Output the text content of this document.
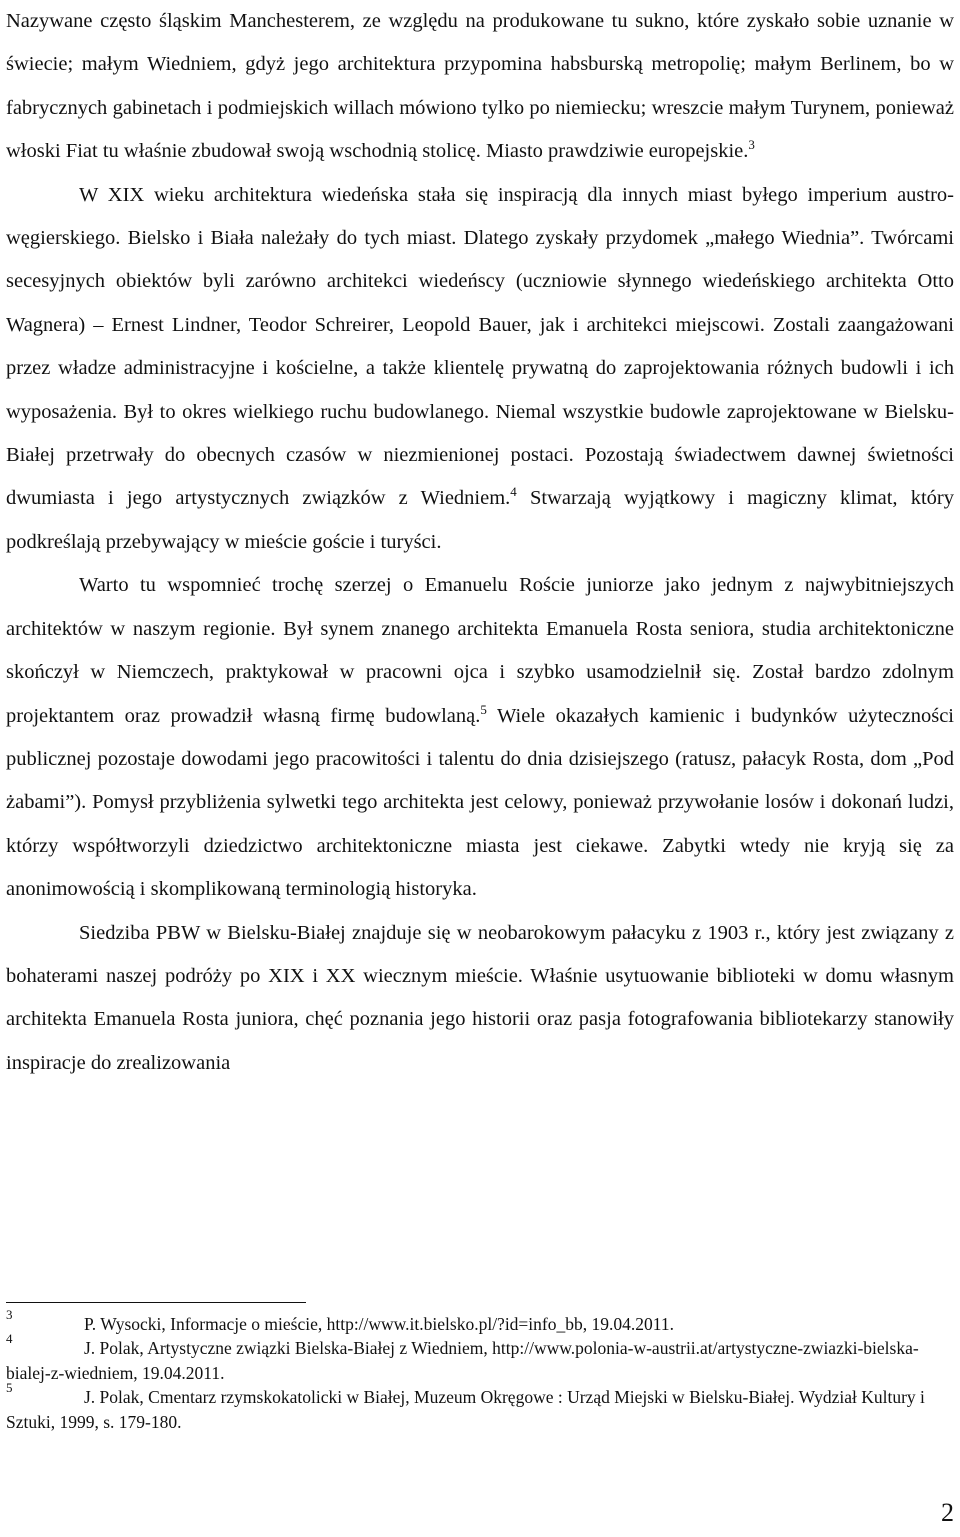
Nazywane często śląskim Manchesterem, ze względu na produkowane tu sukno, które zyskało sobie uznanie w świecie; małym Wiedniem, gdyż jego architektura przypomina habsburską metropolię; małym Berlinem, bo w fabrycznych gabinetach i podmiejskich willach mówiono tylko po niemiecku; wreszcie małym Turynem, ponieważ włoski Fiat tu właśnie zbudował swoją wschodnią stolicę. Miasto prawdziwie europejskie.$^3$

W XIX wieku architektura wiedeńska stała się inspiracją dla innych miast byłego imperium austro-węgierskiego. Bielsko i Biała należały do tych miast. Dlatego zyskały przydomek „małego Wiednia”. Twórcami secesyjnych obiektów byli zarówno architekci wiedeńscy (uczniowie słynnego wiedeńskiego architekta Otto Wagnera) – Ernest Lindner, Teodor Schreirer, Leopold Bauer, jak i architekci miejscowi. Zostali zaangażowani przez władze administracyjne i kościelne, a także klientelę prywatną do zaprojektowania różnych budowli i ich wyposażenia. Był to okres wielkiego ruchu budowlanego. Niemal wszystkie budowle zaprojektowane w Bielsku-Białej przetrwały do obecnych czasów w niezmienionej postaci. Pozostają świadectwem dawnej świetności dwumiasta i jego artystycznych związków z Wiedniem.$^4$ Stwarzają wyjątkowy i magiczny klimat, który podkreślają przebywający w mieście goście i turyści.

Warto tu wspomnieć trochę szerzej o Emanuelu Roście juniorze jako jednym z najwybitniejszych architektów w naszym regionie. Był synem znanego architekta Emanuela Rosta seniora, studia architektoniczne skończył w Niemczech, praktykował w pracowni ojca i szybko usamodzielnił się. Został bardzo zdolnym projektantem oraz prowadził własną firmę budowlaną.$^5$ Wiele okazałych kamienic i budynków użyteczności publicznej pozostaje dowodami jego pracowitości i talentu do dnia dzisiejszego (ratusz, pałacyk Rosta, dom „Pod żabami”). Pomysł przybliżenia sylwetki tego architekta jest celowy, ponieważ przywołanie losów i dokonań ludzi, którzy współtworzyli dziedzictwo architektoniczne miasta jest ciekawe. Zabytki wtedy nie kryją się za anonimowością i skomplikowaną terminologią historyka.

Siedziba PBW w Bielsku-Białej znajduje się w neobarokowym pałacyku z 1903 r., który jest związany z bohaterami naszej podróży po XIX i XX wiecznym mieście. Właśnie usytuowanie biblioteki w domu własnym architekta Emanuela Rosta juniora, chęć poznania jego historii oraz pasja fotografowania bibliotekarzy stanowiły inspiracje do zrealizowania

3	P. Wysocki, Informacje o mieście, http://www.it.bielsko.pl/?id=info_bb, 19.04.2011.
4	J. Polak, Artystyczne związki Bielska-Białej z Wiedniem, http://www.polonia-w-austrii.at/artystyczne-zwiazki-bielska-bialej-z-wiedniem, 19.04.2011.
5	J. Polak, Cmentarz rzymskokatolicki w Białej, Muzeum Okręgowe : Urząd Miejski w Bielsku-Białej. Wydział Kultury i Sztuki, 1999, s. 179-180.
2
